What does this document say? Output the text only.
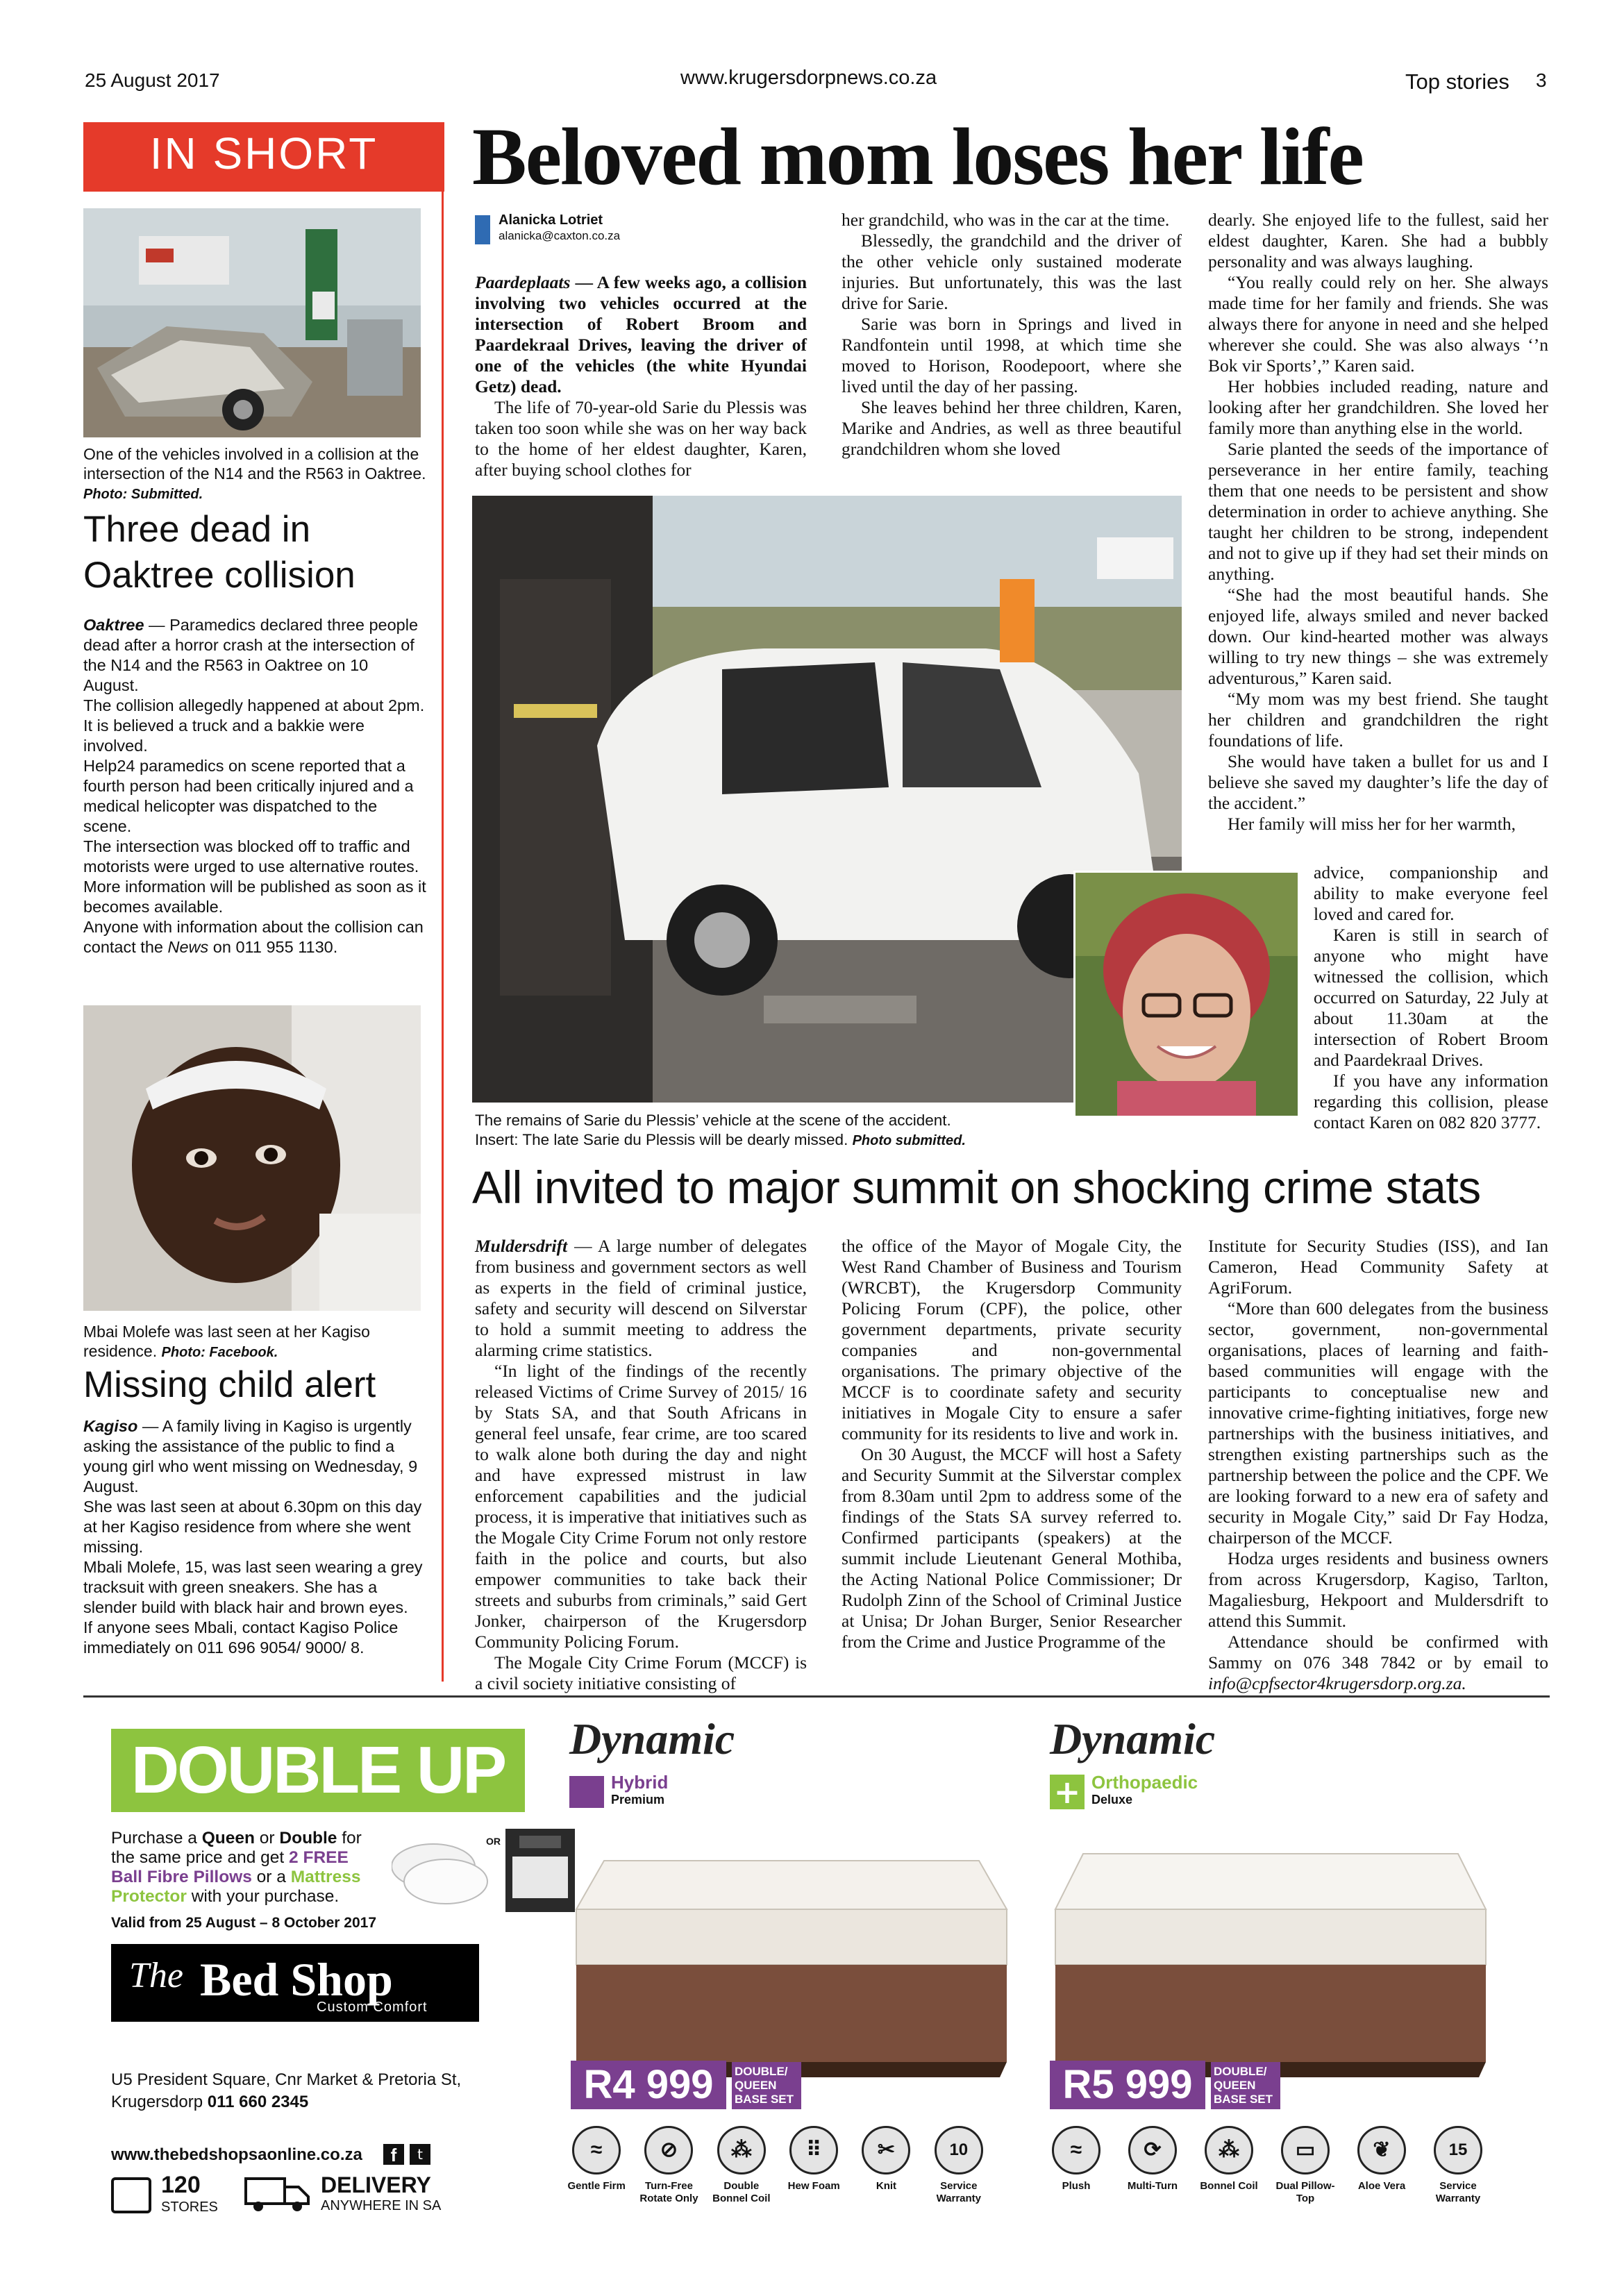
25 August 2017	www.krugersdorpnews.co.za	Top stories 3
IN SHORT
One of the vehicles involved in a collision at the intersection of the N14 and the R563 in Oaktree. Photo: Submitted.
Three dead in
Oaktree collision

Oaktree — Paramedics declared three people dead after a horror crash at the intersection of the N14 and the R563 in Oaktree on 10 August.

The collision allegedly happened at about 2pm. It is believed a truck and a bakkie were involved.

Help24 paramedics on scene reported that a fourth person had been critically injured and a medical helicopter was dispatched to the scene.

The intersection was blocked off to traffic and motorists were urged to use alternative routes.

More information will be published as soon as it becomes available.

Anyone with information about the collision can contact the News on 011 955 1130.

Mbai Molefe was last seen at her Kagiso residence. Photo: Facebook.
Missing child alert

Kagiso — A family living in Kagiso is urgently asking the assistance of the public to find a young girl who went missing on Wednesday, 9 August.

She was last seen at about 6.30pm on this day at her Kagiso residence from where she went missing.

Mbali Molefe, 15, was last seen wearing a grey tracksuit with green sneakers. She has a slender build with black hair and brown eyes.

If anyone sees Mbali, contact Kagiso Police immediately on 011 696 9054/ 9000/ 8.

Beloved mom loses her life
Alanicka Lotriet
alanicka@caxton.co.za

Paardeplaats — A few weeks ago, a collision involving two vehicles occurred at the intersection of Robert Broom and Paardekraal Drives, leaving the driver of one of the vehicles (the white Hyundai Getz) dead.

The life of 70-year-old Sarie du Plessis was taken too soon while she was on her way back to the home of her eldest daughter, Karen, after buying school clothes for

her grandchild, who was in the car at the time.

Blessedly, the grandchild and the driver of the other vehicle only sustained moderate injuries. But unfortunately, this was the last drive for Sarie.

Sarie was born in Springs and lived in Randfontein until 1998, at which time she moved to Horison, Roodepoort, where she lived until the day of her passing.

She leaves behind her three children, Karen, Marike and Andries, as well as three beautiful grandchildren whom she loved

dearly. She enjoyed life to the fullest, said her eldest daughter, Karen. She had a bubbly personality and was always laughing.

“You really could rely on her. She always made time for her family and friends. She was always there for anyone in need and she helped wherever she could. She was also always ‘’n Bok vir Sports’,” Karen said.

Her hobbies included reading, nature and looking after her grandchildren. She loved her family more than anything else in the world.

Sarie planted the seeds of the importance of perseverance in her entire family, teaching them that one needs to be persistent and show determination in order to achieve anything. She taught her children to be strong, independent and not to give up if they had set their minds on anything.

“She had the most beautiful hands. She enjoyed life, always smiled and never backed down. Our kind-hearted mother was always willing to try new things – she was extremely adventurous,” Karen said.

“My mom was my best friend. She taught her children and grandchildren the right foundations of life.

She would have taken a bullet for us and I believe she saved my daughter’s life the day of the accident.”

Her family will miss her for her warmth,

advice, companionship and ability to make everyone feel loved and cared for.

Karen is still in search of anyone who might have witnessed the collision, which occurred on Saturday, 22 July at about 11.30am at the intersection of Robert Broom and Paardekraal Drives.

If you have any information regarding this collision, please contact Karen on 082 820 3777.

The remains of Sarie du Plessis’ vehicle at the scene of the accident.
Insert: The late Sarie du Plessis will be dearly missed. Photo submitted.
All invited to major summit on shocking crime stats

Muldersdrift — A large number of delegates from business and government sectors as well as experts in the field of criminal justice, safety and security will descend on Silverstar to hold a summit meeting to address the alarming crime statistics.

“In light of the findings of the recently released Victims of Crime Survey of 2015/ 16 by Stats SA, and that South Africans in general feel unsafe, fear crime, are too scared to walk alone both during the day and night and have expressed mistrust in law enforcement capabilities and the judicial process, it is imperative that initiatives such as the Mogale City Crime Forum not only restore faith in the police and courts, but also empower communities to take back their streets and suburbs from criminals,” said Gert Jonker, chairperson of the Krugersdorp Community Policing Forum.

The Mogale City Crime Forum (MCCF) is a civil society initiative consisting of

the office of the Mayor of Mogale City, the West Rand Chamber of Business and Tourism (WRCBT), the Krugersdorp Community Policing Forum (CPF), the police, other government departments, private security companies and non-governmental organisations. The primary objective of the MCCF is to coordinate safety and security initiatives in Mogale City to ensure a safer community for its residents to live and work in.

On 30 August, the MCCF will host a Safety and Security Summit at the Silverstar complex from 8.30am until 2pm to address some of the findings of the Stats SA survey referred to. Confirmed participants (speakers) at the summit include Lieutenant General Mothiba, the Acting National Police Commissioner; Dr Rudolph Zinn of the School of Criminal Justice at Unisa; Dr Johan Burger, Senior Researcher from the Crime and Justice Programme of the

Institute for Security Studies (ISS), and Ian Cameron, Head Community Safety at AgriForum.

“More than 600 delegates from the business sector, government, non-governmental organisations, places of learning and faith-based communities will engage with the participants to conceptualise new and innovative crime-fighting initiatives, forge new partnerships with the business initiatives, and strengthen existing partnerships such as the partnership between the police and the CPF. We are looking forward to a new era of safety and security in Mogale City,” said Dr Fay Hodza, chairperson of the MCCF.

Hodza urges residents and business owners from across Krugersdorp, Kagiso, Tarlton, Magaliesburg, Hekpoort and Muldersdrift to attend this Summit.

Attendance should be confirmed with Sammy on 076 348 7842 or by email to info@cpfsector4krugersdorp.org.za.

DOUBLE UP
Purchase a Queen or Double for
the same price and get 2 FREE
Ball Fibre Pillows or a Mattress
Protector with your purchase.
OR
Valid from 25 August – 8 October 2017
The Bed Shop
Custom Comfort
U5 President Square, Cnr Market & Pretoria St,
Krugersdorp 011 660 2345
www.thebedshopsaonline.co.za	f	t
120
STORES
DELIVERY
ANYWHERE IN SA
Dynamic
Hybrid
Premium
R4 999	DOUBLE/ QUEEN BASE SET
≈
Gentle Firm
⊘
Turn-Free Rotate Only
⁂
Double Bonnel Coil
⠿
Hew Foam
✂
Knit
10
Service Warranty
Dynamic
+ Orthopaedic
Deluxe
R5 999	DOUBLE/ QUEEN BASE SET
≈
Plush
⟳
Multi-Turn
⁂
Bonnel Coil
▭
Dual Pillow-Top
❦
Aloe Vera
15
Service Warranty
